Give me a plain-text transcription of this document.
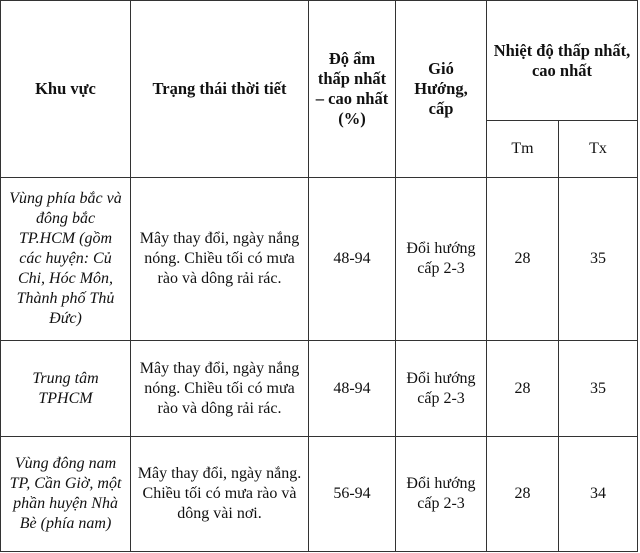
Khu vực	Trạng thái thời tiết	Độ ẩm thấp nhất – cao nhất (%)	Gió Hướng, cấp	Nhiệt độ thấp nhất, cao nhất	
				Tm	Tx
Vùng phía bắc và đông bắc TP.HCM (gồm các huyện: Củ Chi, Hóc Môn, Thành phố Thủ Đức)	Mây thay đổi, ngày nắng nóng. Chiều tối có mưa rào và dông rải rác.	48-94	Đổi hướng cấp 2-3	28	35
Trung tâm TPHCM	Mây thay đổi, ngày nắng nóng. Chiều tối có mưa rào và dông rải rác.	48-94	Đổi hướng cấp 2-3	28	35
Vùng đông nam TP, Cần Giờ, một phần huyện Nhà Bè (phía nam)	Mây thay đổi, ngày nắng. Chiều tối có mưa rào và dông vài nơi.	56-94	Đổi hướng cấp 2-3	28	34
